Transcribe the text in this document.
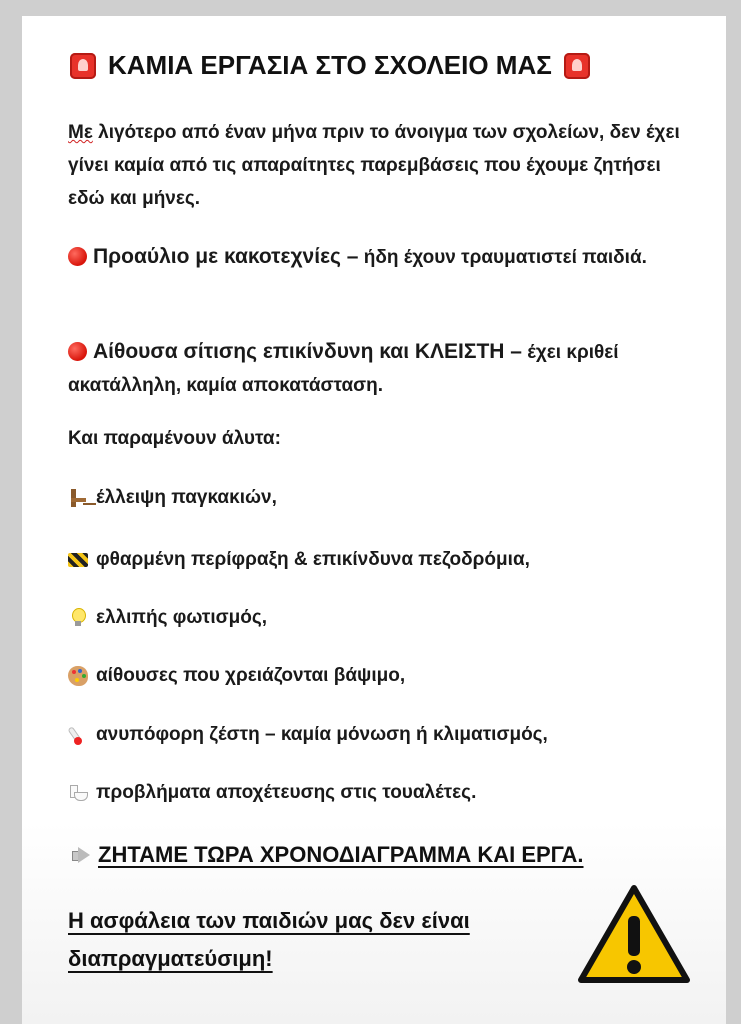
ΚΑΜΙΑ ΕΡΓΑΣΙΑ ΣΤΟ ΣΧΟΛΕΙΟ ΜΑΣ
Με λιγότερο από έναν μήνα πριν το άνοιγμα των σχολείων, δεν έχει γίνει καμία από τις απαραίτητες παρεμβάσεις που έχουμε ζητήσει εδώ και μήνες.
Προαύλιο με κακοτεχνίες – ήδη έχουν τραυματιστεί παιδιά.
Αίθουσα σίτισης επικίνδυνη και ΚΛΕΙΣΤΗ – έχει κριθεί ακατάλληλη, καμία αποκατάσταση.
Και παραμένουν άλυτα:
έλλειψη παγκακιών,
φθαρμένη περίφραξη & επικίνδυνα πεζοδρόμια,
ελλιπής φωτισμός,
αίθουσες που χρειάζονται βάψιμο,
ανυπόφορη ζέστη – καμία μόνωση ή κλιματισμός,
προβλήματα αποχέτευσης στις τουαλέτες.
ΖΗΤΑΜΕ ΤΩΡΑ ΧΡΟΝΟΔΙΑΓΡΑΜΜΑ ΚΑΙ ΕΡΓΑ.
Η ασφάλεια των παιδιών μας δεν είναι διαπραγματεύσιμη!
